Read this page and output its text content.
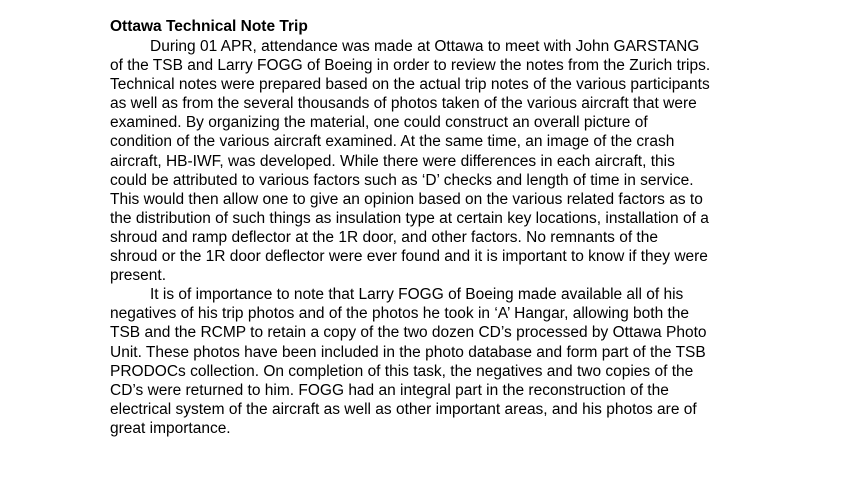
Ottawa Technical Note Trip
During 01 APR, attendance was made at Ottawa to meet with John GARSTANG
of the TSB and Larry FOGG of Boeing in order to review the notes from the Zurich trips.
Technical notes were prepared based on the actual trip notes of the various participants
as well as from the several thousands of photos taken of the various aircraft that were
examined. By organizing the material, one could construct an overall picture of
condition of the various aircraft examined. At the same time, an image of the crash
aircraft, HB-IWF, was developed. While there were differences in each aircraft, this
could be attributed to various factors such as ‘D’ checks and length of time in service.
This would then allow one to give an opinion based on the various related factors as to
the distribution of such things as insulation type at certain key locations, installation of a
shroud and ramp deflector at the 1R door, and other factors. No remnants of the
shroud or the 1R door deflector were ever found and it is important to know if they were
present.
It is of importance to note that Larry FOGG of Boeing made available all of his
negatives of his trip photos and of the photos he took in ‘A’ Hangar, allowing both the
TSB and the RCMP to retain a copy of the two dozen CD’s processed by Ottawa Photo
Unit. These photos have been included in the photo database and form part of the TSB
PRODOCs collection. On completion of this task, the negatives and two copies of the
CD’s were returned to him. FOGG had an integral part in the reconstruction of the
electrical system of the aircraft as well as other important areas, and his photos are of
great importance.
